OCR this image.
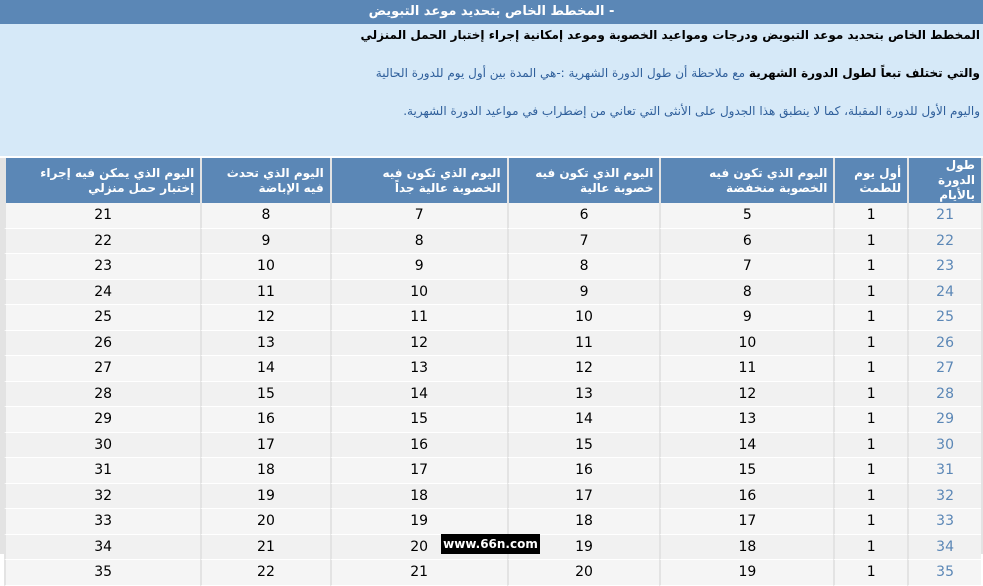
- المخطط الخاص بتحديد موعد التبويض
المخطط الخاص بتحديد موعد التبويض ودرجات ومواعيد الخصوبة وموعد إمكانية إجراء إختبار الحمل المنزلي
والتي تختلف تبعاً لطول الدورة الشهرية مع ملاحظة أن طول الدورة الشهرية :-هي المدة بين أول يوم للدورة الحالية
واليوم الأول للدورة المقبلة، كما لا ينطبق هذا الجدول على الأنثى التي تعاني من إضطراب في مواعيد الدورة الشهرية.
طول الدورة بالأيام	أول يوم للطمث	اليوم الذي تكون فيه الخصوبة منخفضة	اليوم الذي تكون فيه خصوبة عالية	اليوم الذي تكون فيه الخصوبة عالية جداً	اليوم الذي تحدث فيه الإباضة	اليوم الذي يمكن فيه إجراء إختبار حمل منزلي
21	1	5	6	7	8	21
22	1	6	7	8	9	22
23	1	7	8	9	10	23
24	1	8	9	10	11	24
25	1	9	10	11	12	25
26	1	10	11	12	13	26
27	1	11	12	13	14	27
28	1	12	13	14	15	28
29	1	13	14	15	16	29
30	1	14	15	16	17	30
31	1	15	16	17	18	31
32	1	16	17	18	19	32
33	1	17	18	19	20	33
34	1	18	19	20	21	34
35	1	19	20	21	22	35
www.66n.com
